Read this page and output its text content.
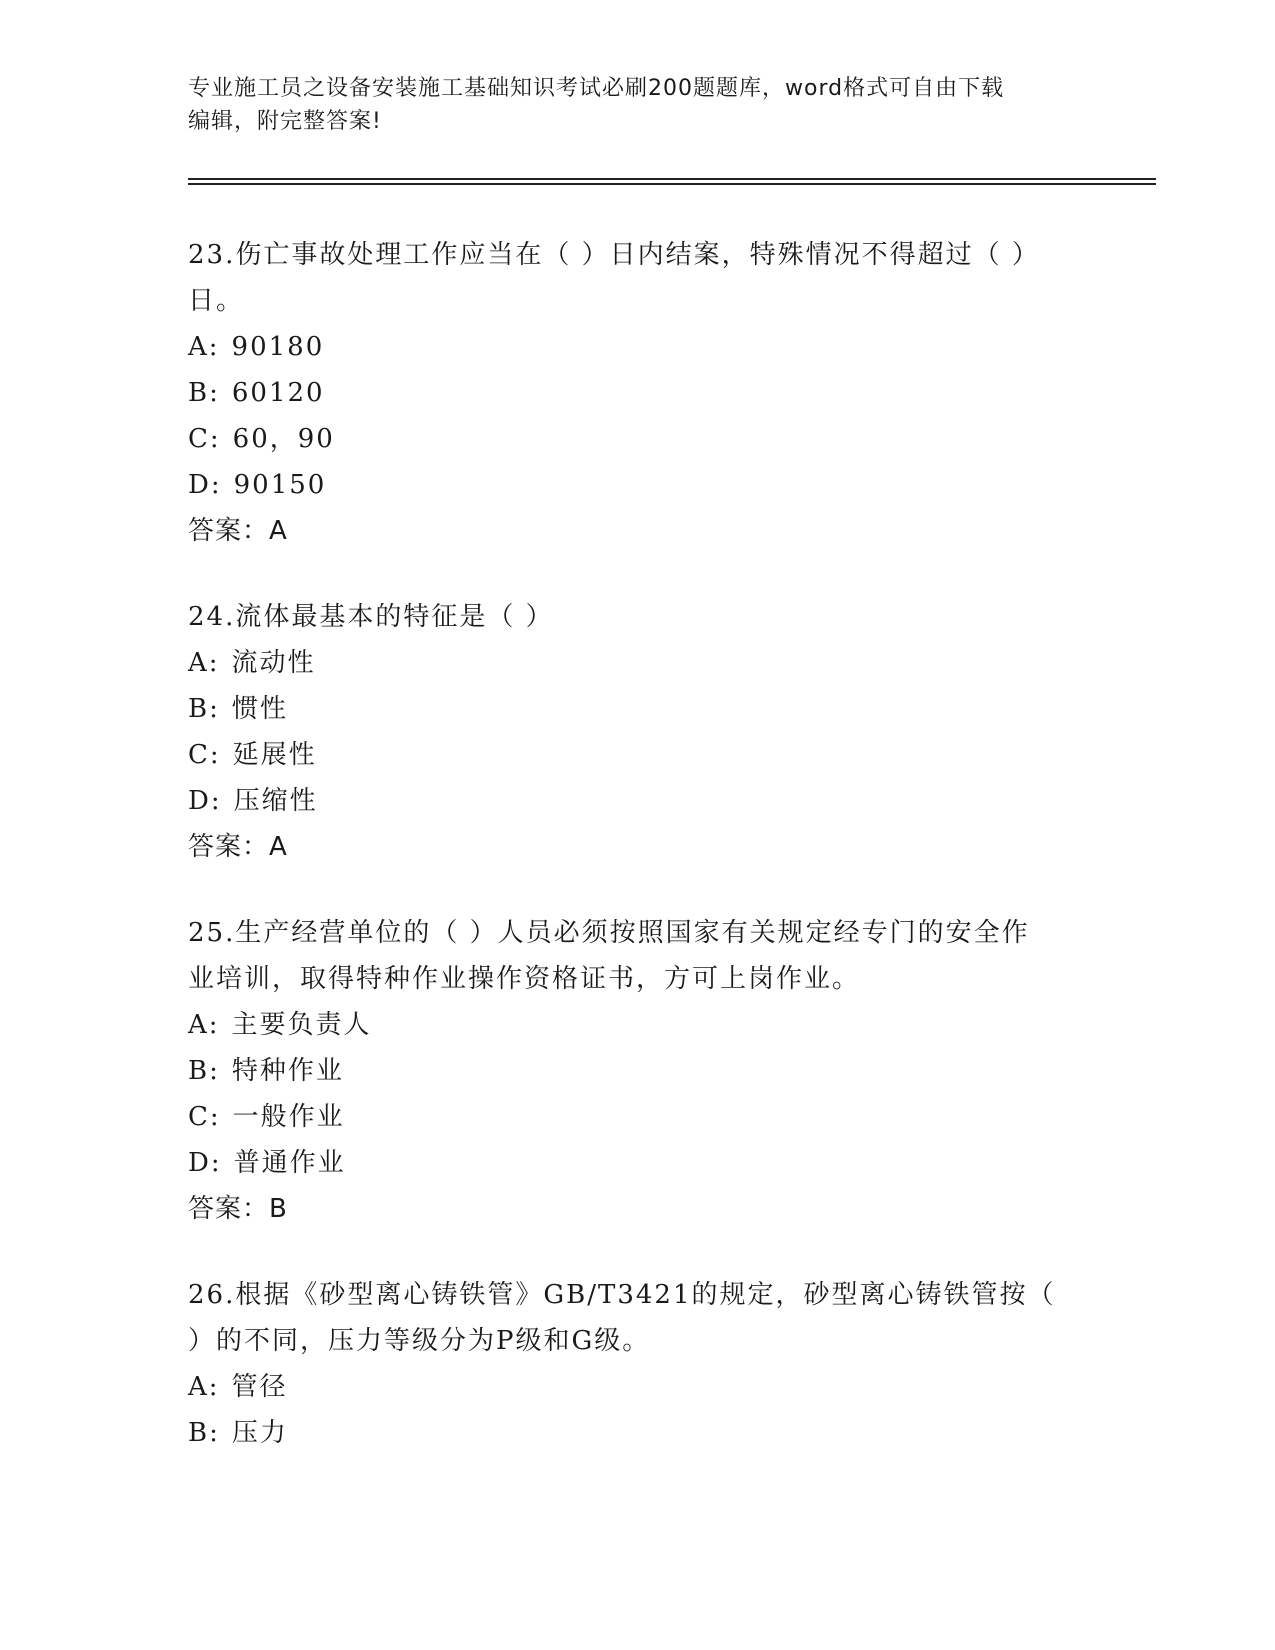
专业施工员之设备安装施工基础知识考试必刷200题题库，word格式可自由下载
编辑，附完整答案!
23.伤亡事故处理工作应当在（ ）日内结案，特殊情况不得超过（ ）
日。
A: 90180
B: 60120
C: 60，90
D: 90150
答案：A
24.流体最基本的特征是（ ）
A: 流动性
B: 惯性
C: 延展性
D: 压缩性
答案：A
25.生产经营单位的（ ）人员必须按照国家有关规定经专门的安全作
业培训，取得特种作业操作资格证书，方可上岗作业。
A: 主要负责人
B: 特种作业
C: 一般作业
D: 普通作业
答案：B
26.根据《砂型离心铸铁管》GB/T3421的规定，砂型离心铸铁管按（
）的不同，压力等级分为P级和G级。
A: 管径
B: 压力
